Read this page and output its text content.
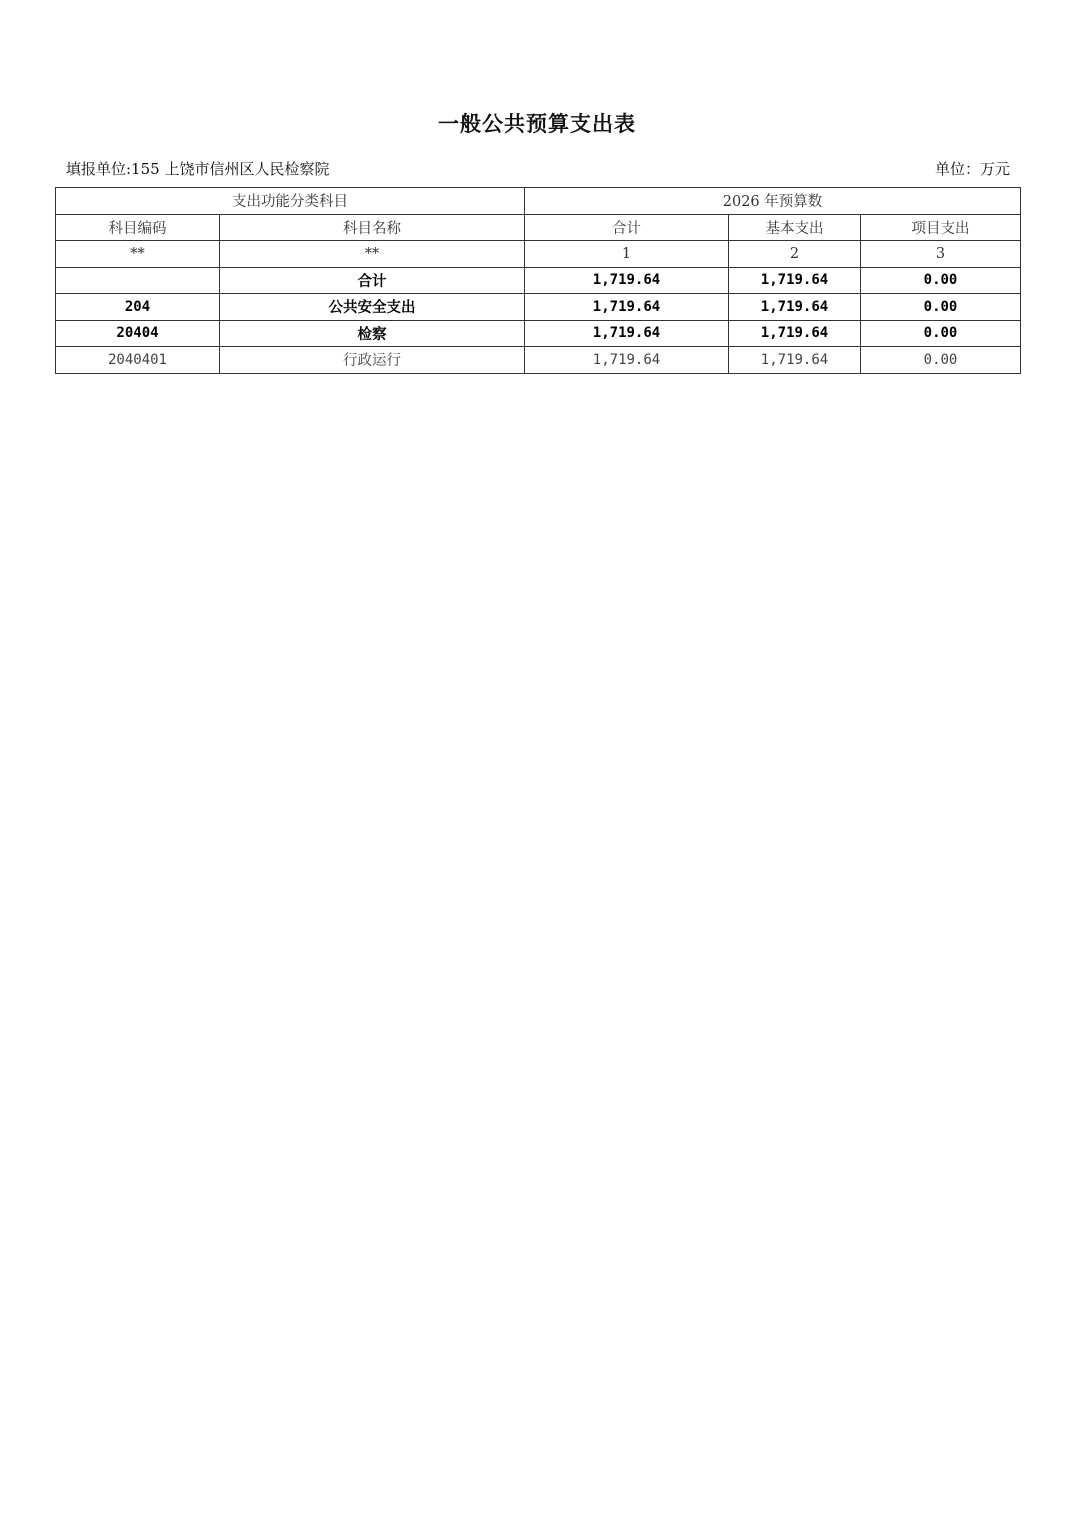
一般公共预算支出表
填报单位:155 上饶市信州区人民检察院	单位：万元
支出功能分类科目		2026 年预算数		
科目编码	科目名称	合计	基本支出	项目支出
**	**	1	2	3
	合计	1,719.64	1,719.64	0.00
204	公共安全支出	1,719.64	1,719.64	0.00
20404	检察	1,719.64	1,719.64	0.00
2040401	行政运行	1,719.64	1,719.64	0.00
